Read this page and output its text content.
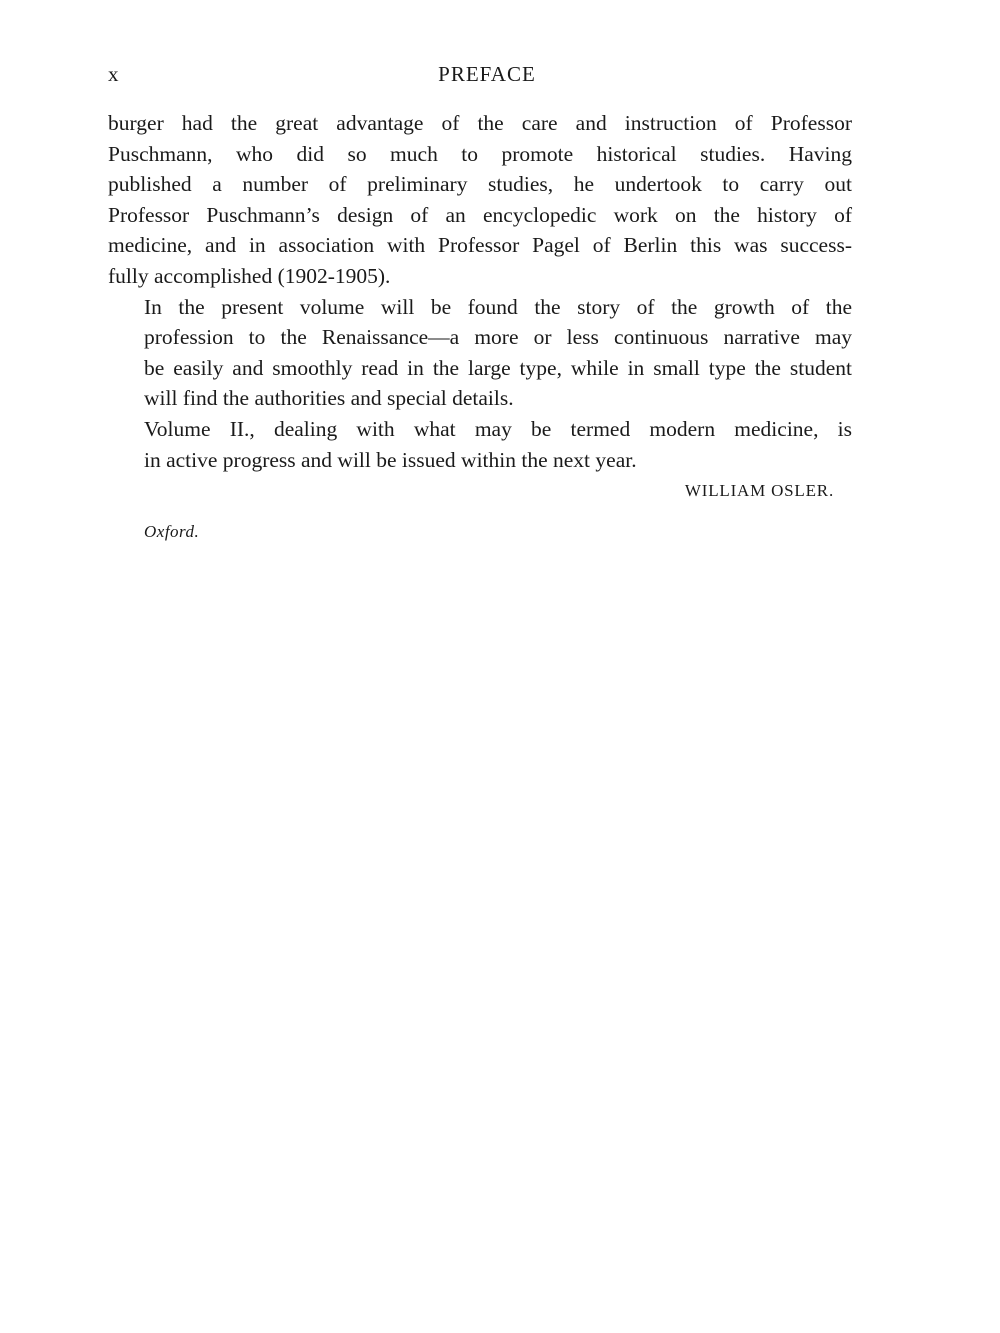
x	PREFACE

burger had the great advantage of the care and instruction of Professor
Puschmann, who did so much to promote historical studies. Having
published a number of preliminary studies, he undertook to carry out
Professor Puschmann’s design of an encyclopedic work on the history of
medicine, and in association with Professor Pagel of Berlin this was success-
fully accomplished (1902-1905).

In the present volume will be found the story of the growth of the
profession to the Renaissance—a more or less continuous narrative may
be easily and smoothly read in the large type, while in small type the student
will find the authorities and special details.

Volume II., dealing with what may be termed modern medicine, is
in active progress and will be issued within the next year.

WILLIAM OSLER.
Oxford.
